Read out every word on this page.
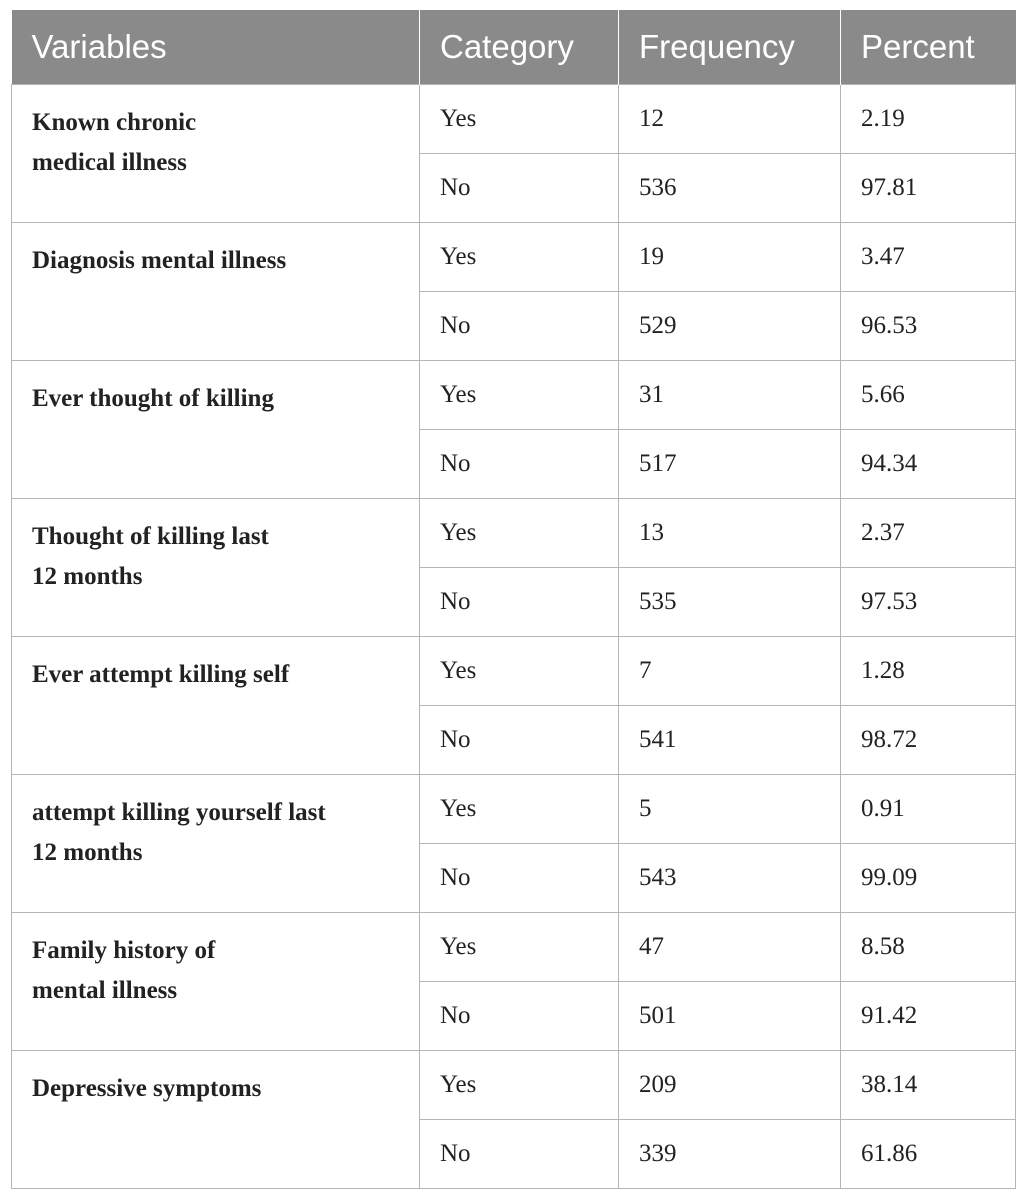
Variables	Category	Frequency	Percent
Known chronic
medical illness	Yes	12	2.19
	No	536	97.81
Diagnosis mental illness	Yes	19	3.47
	No	529	96.53
Ever thought of killing	Yes	31	5.66
	No	517	94.34
Thought of killing last
12 months	Yes	13	2.37
	No	535	97.53
Ever attempt killing self	Yes	7	1.28
	No	541	98.72
attempt killing yourself last
12 months	Yes	5	0.91
	No	543	99.09
Family history of
mental illness	Yes	47	8.58
	No	501	91.42
Depressive symptoms	Yes	209	38.14
	No	339	61.86
